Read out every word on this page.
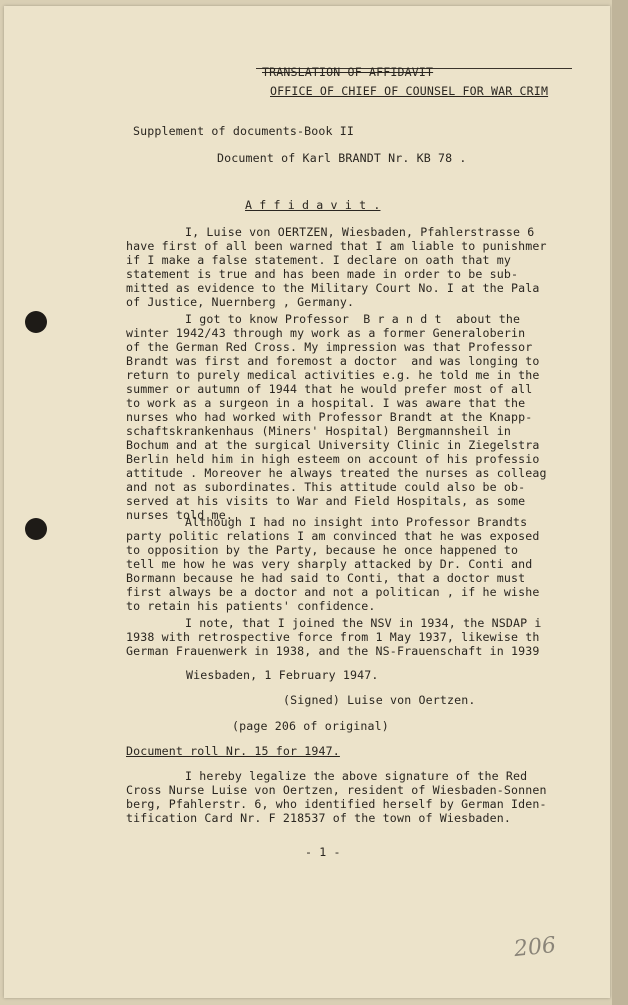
TRANSLATION OF AFFIDAVIT
OFFICE OF CHIEF OF COUNSEL FOR WAR CRIM
Supplement of documents-Book II
Document of Karl BRANDT Nr. KB 78 .
A f f i d a v i t .
I, Luise von OERTZEN, Wiesbaden, Pfahlerstrasse 6
have first of all been warned that I am liable to punishmer
if I make a false statement. I declare on oath that my
statement is true and has been made in order to be sub-
mitted as evidence to the Military Court No. I at the Pala
of Justice, Nuernberg , Germany.
I got to know Professor  B r a n d t  about the
winter 1942/43 through my work as a former Generaloberin
of the German Red Cross. My impression was that Professor
Brandt was first and foremost a doctor  and was longing to
return to purely medical activities e.g. he told me in the
summer or autumn of 1944 that he would prefer most of all
to work as a surgeon in a hospital. I was aware that the
nurses who had worked with Professor Brandt at the Knapp-
schaftskrankenhaus (Miners' Hospital) Bergmannsheil in
Bochum and at the surgical University Clinic in Ziegelstra
Berlin held him in high esteem on account of his professio
attitude . Moreover he always treated the nurses as colleag
and not as subordinates. This attitude could also be ob-
served at his visits to War and Field Hospitals, as some
nurses told me.
Although I had no insight into Professor Brandts
party politic relations I am convinced that he was exposed
to opposition by the Party, because he once happened to
tell me how he was very sharply attacked by Dr. Conti and
Bormann because he had said to Conti, that a doctor must
first always be a doctor and not a politican , if he wishe
to retain his patients' confidence.
I note, that I joined the NSV in 1934, the NSDAP i
1938 with retrospective force from 1 May 1937, likewise th
German Frauenwerk in 1938, and the NS-Frauenschaft in 1939
Wiesbaden, 1 February 1947.
(Signed) Luise von Oertzen.
(page 206 of original)
Document roll Nr. 15 for 1947.
I hereby legalize the above signature of the Red
Cross Nurse Luise von Oertzen, resident of Wiesbaden-Sonnen
berg, Pfahlerstr. 6, who identified herself by German Iden-
tification Card Nr. F 218537 of the town of Wiesbaden.
- 1 -
206
